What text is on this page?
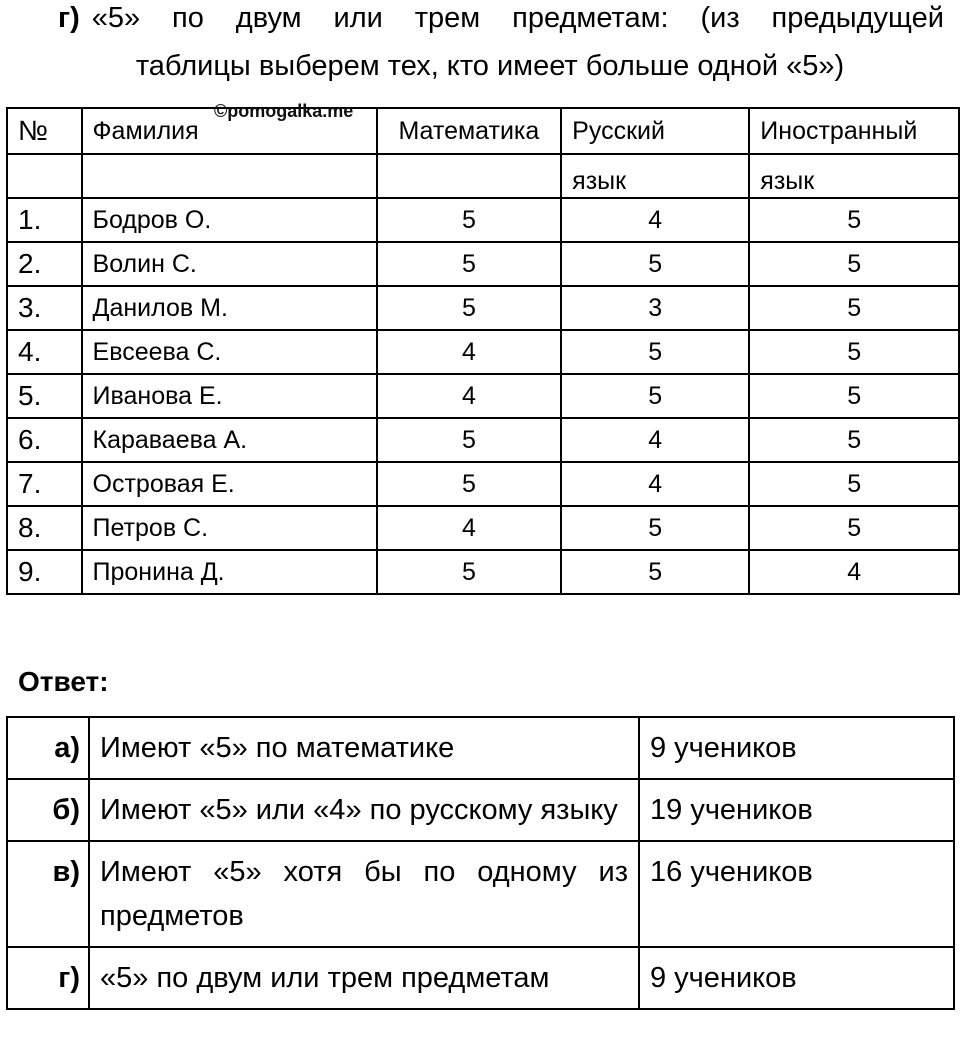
г) «5» по двум или трем предметам: (из предыдущей
таблицы выберем тех, кто имеет больше одной «5»)
№	Фамилия	Математика	Русский	Иностранный
			язык	язык
1.	Бодров О.	5	4	5
2.	Волин С.	5	5	5
3.	Данилов М.	5	3	5
4.	Евсеева С.	4	5	5
5.	Иванова Е.	4	5	5
6.	Караваева А.	5	4	5
7.	Островая Е.	5	4	5
8.	Петров С.	4	5	5
9.	Пронина Д.	5	5	4
©pomogalka.me
Ответ:
а)	Имеют «5» по математике	9 учеников
б)	Имеют «5» или «4» по русскому языку	19 учеников
в)	Имеют «5» хотя бы по одному из предметов	16 учеников
г)	«5» по двум или трем предметам	9 учеников
